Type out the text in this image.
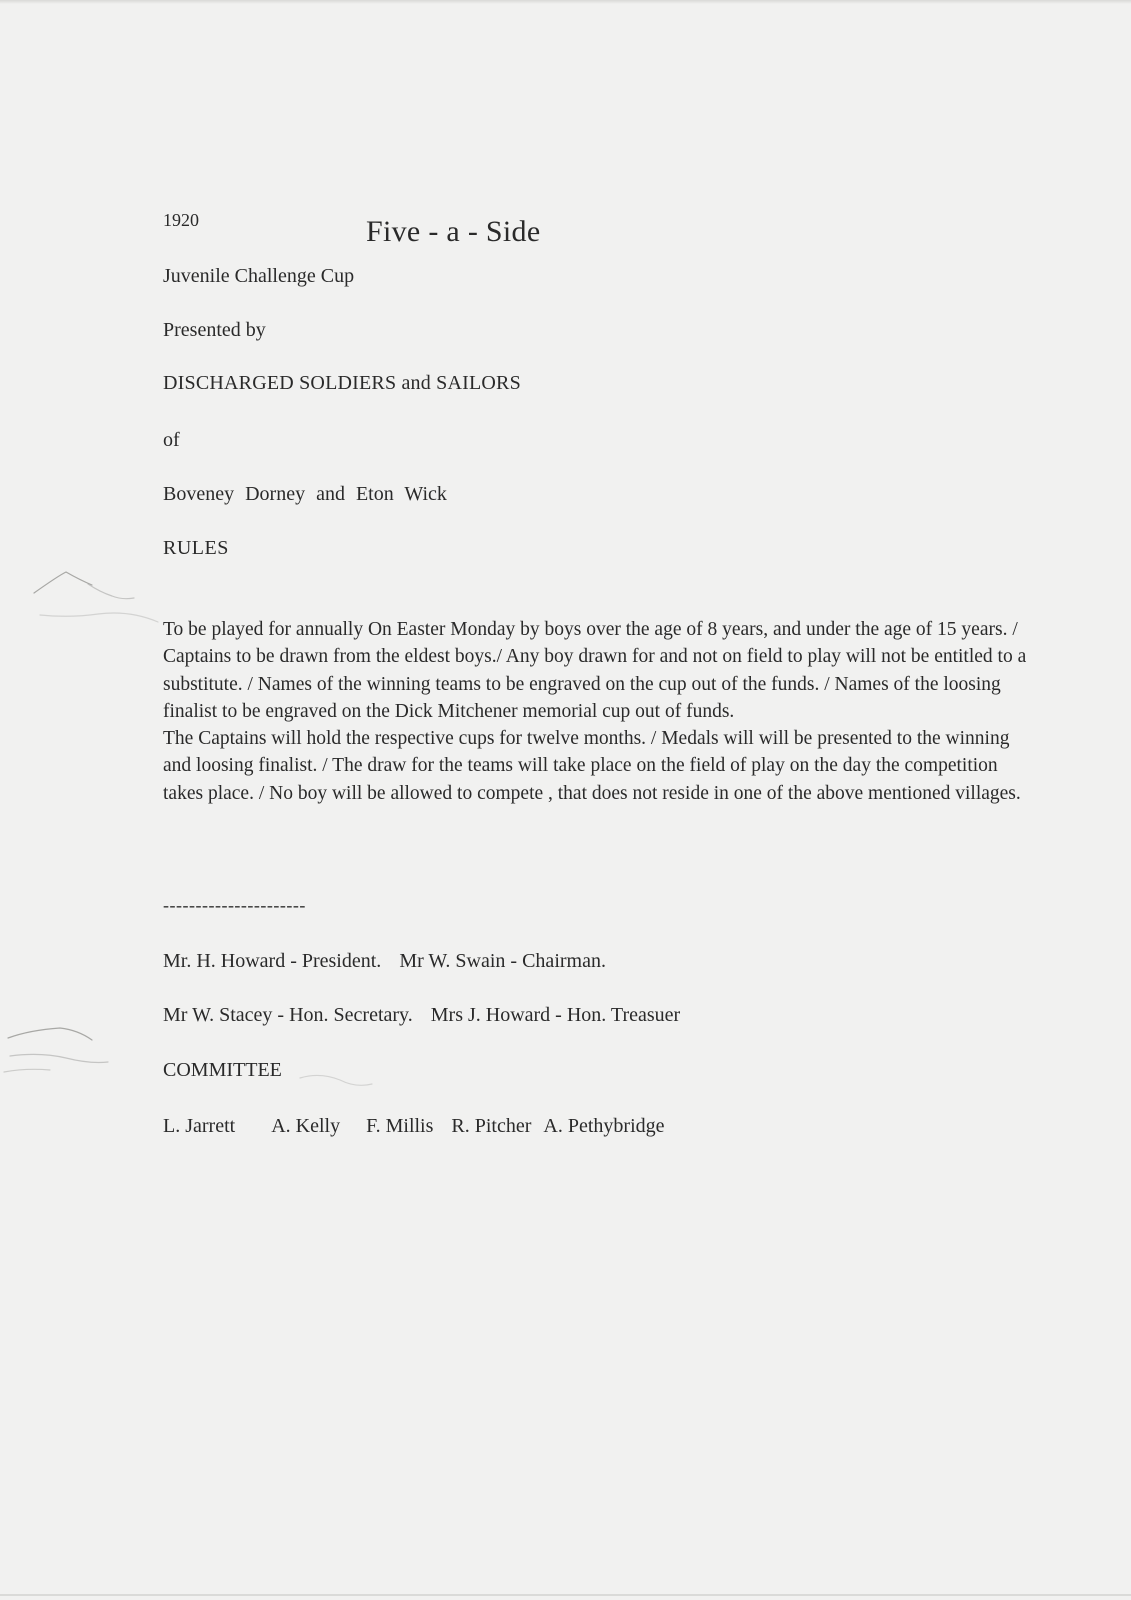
1920	Five - a - Side
Juvenile Challenge Cup
Presented by
DISCHARGED SOLDIERS and SAILORS
of
Boveney Dorney and Eton Wick
RULES

To be played for annually On Easter Monday by boys over the age of 8 years, and under the age of 15 years. / Captains to be drawn from the eldest boys./ Any boy drawn for and not on field to play will not be entitled to a substitute. / Names of the winning teams to be engraved on the cup out of the funds. / Names of the loosing finalist to be engraved on the Dick Mitchener memorial cup out of funds.

The Captains will hold the respective cups for twelve months. / Medals will will be presented to the winning and loosing finalist. / The draw for the teams will take place on the field of play on the day the competition takes place. / No boy will be allowed to compete , that does not reside in one of the above mentioned villages.

----------------------
Mr. H. Howard - President. Mr W. Swain - Chairman.
Mr W. Stacey - Hon. Secretary. Mrs J. Howard - Hon. Treasuer
COMMITTEE
L. Jarrett A. Kelly F. Millis R. Pitcher A. Pethybridge
